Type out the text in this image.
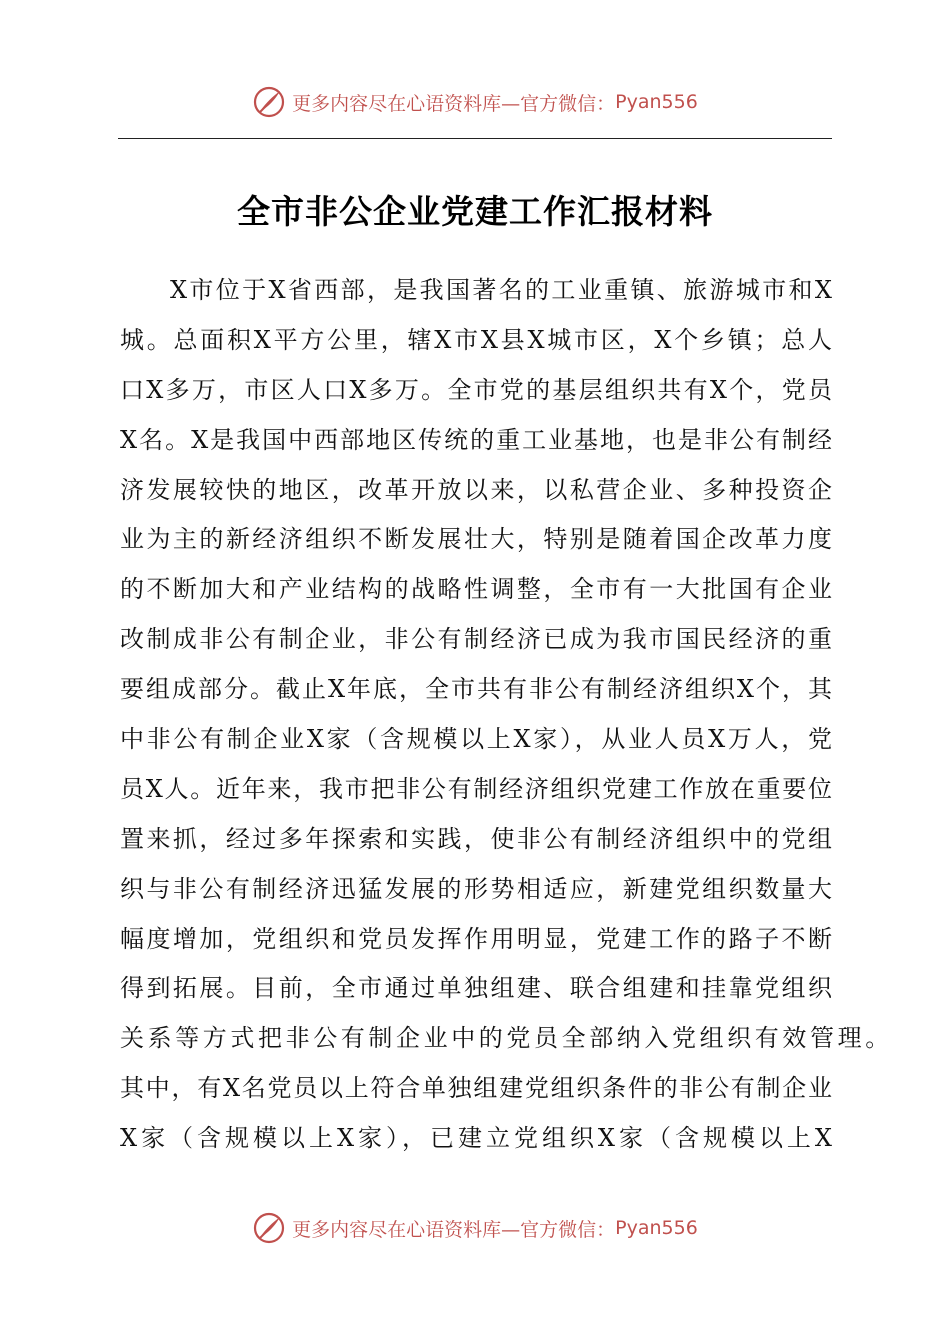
更多内容尽在心语资料库—官方微信： Pyan556
全市非公企业党建工作汇报材料
X市位于X省西部，是我国著名的工业重镇、旅游城市和X
城。总面积X平方公里，辖X市X县X城市区，X个乡镇；总人
口X多万，市区人口X多万。全市党的基层组织共有X个，党员
X名。X是我国中西部地区传统的重工业基地，也是非公有制经
济发展较快的地区，改革开放以来，以私营企业、多种投资企
业为主的新经济组织不断发展壮大，特别是随着国企改革力度
的不断加大和产业结构的战略性调整，全市有一大批国有企业
改制成非公有制企业，非公有制经济已成为我市国民经济的重
要组成部分。截止X年底，全市共有非公有制经济组织X个，其
中非公有制企业X家（含规模以上X家），从业人员X万人，党
员X人。近年来，我市把非公有制经济组织党建工作放在重要位
置来抓，经过多年探索和实践，使非公有制经济组织中的党组
织与非公有制经济迅猛发展的形势相适应，新建党组织数量大
幅度增加，党组织和党员发挥作用明显，党建工作的路子不断
得到拓展。目前，全市通过单独组建、联合组建和挂靠党组织
关系等方式把非公有制企业中的党员全部纳入党组织有效管理。
其中，有X名党员以上符合单独组建党组织条件的非公有制企业
X家（含规模以上X家），已建立党组织X家（含规模以上X
更多内容尽在心语资料库—官方微信： Pyan556
